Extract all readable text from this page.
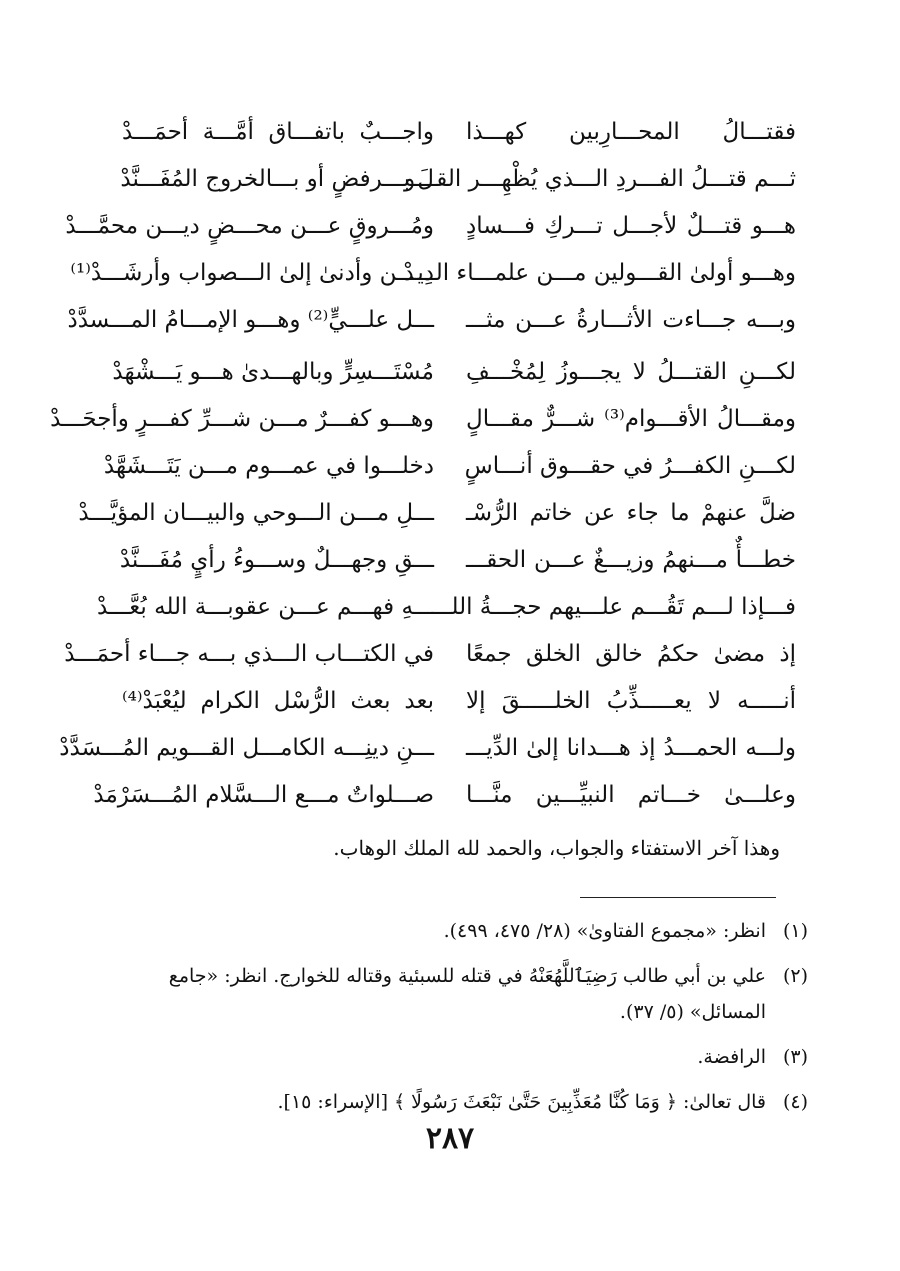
فقتـــالُ المحـــارِبين كهـــذا
واجـــبٌ باتفـــاق أمَّـــة أحمَـــدْ
ثـــم قتـــلُ الفـــردِ الـــذي يُظْهِـــر القـــو
لَ بـــرفضٍ أو بـــالخروج المُفَـــنَّدْ
هـــو قتـــلٌ لأجـــل تـــركِ فـــسادٍ
ومُـــروقٍ عـــن محـــضٍ ديـــن محمَّـــدْ
وهـــو أولىٰ القـــولين مـــن علمـــاء الـــدْ
دِيـــن وأدنىٰ إلىٰ الـــصواب وأرشَـــدْ⁽¹⁾
وبـــه جـــاءت الأثـــارةُ عـــن مثـــ
ـــل علـــيٍّ⁽²⁾ وهـــو الإمـــامُ المـــسدَّدْ
لكـــنِ القتـــلُ لا يجـــوزُ لِمُخْـــفِ
مُسْتَـــسِرٍّ وبالهـــدىٰ هـــو يَـــشْهَدْ
ومقـــالُ الأقـــوام⁽³⁾ شـــرٌّ مقـــالٍ
وهـــو كفـــرٌ مـــن شـــرِّ كفـــرٍ وأجحَـــدْ
لكـــنِ الكفـــرُ في حقـــوق أنـــاسٍ
دخلـــوا في عمـــوم مـــن يَتَـــشَهَّدْ
ضلَّ عنهمْ ما جاء عن خاتم الرُّسْـ
ـــلِ مـــن الـــوحي والبيـــان المؤيَّـــدْ
خطـــأٌ مـــنهمُ وزيـــغٌ عـــن الحقـــ
ـــقِ وجهـــلٌ وســـوءُ رأيٍ مُفَـــنَّدْ
فـــإذا لـــم تَقُـــم علـــيهم حجـــةُ اللـــ
ـــهِ فهـــم عـــن عقوبـــة الله بُعَّـــدْ
إذ مضىٰ حكمُ خالق الخلق جمعًا
في الكتـــاب الـــذي بـــه جـــاء أحمَـــدْ
أنـــــه لا يعـــــذِّبُ الخلـــــقَ إلا
بعد بعث الرُّسْل الكرام ليُعْبَدْ⁽⁴⁾
ولـــه الحمـــدُ إذ هـــدانا إلىٰ الدِّيـــ
ـــنِ دينِـــه الكامـــل القـــويم المُـــسَدَّدْ
وعلـــىٰ خـــاتم النبيِّـــين منَّـــا
صـــلواتٌ مـــع الـــسَّلام المُـــسَرْمَدْ
وهذا آخر الاستفتاء والجواب، والحمد لله الملك الوهاب.
(١)
انظر: «مجموع الفتاوىٰ» (٢٨/ ٤٧٥، ٤٩٩).
(٢)
علي بن أبي طالب رَضِيَٱللَّهُعَنْهُ في قتله للسبئية وقتاله للخوارج. انظر: «جامع المسائل» (٥/ ٣٧).
(٣)
الرافضة.
(٤)
قال تعالىٰ: ﴿ وَمَا كُنَّا مُعَذِّبِينَ حَتَّىٰ نَبْعَثَ رَسُولًا ﴾ [الإسراء: ١٥].
٢٨٧
